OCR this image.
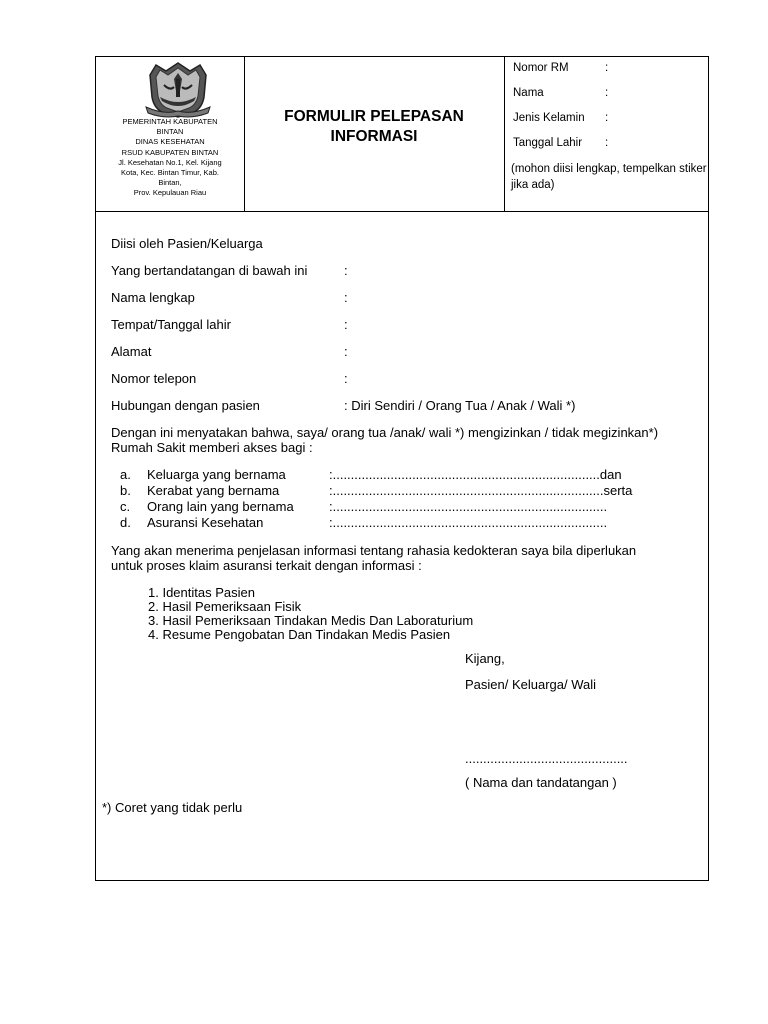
PEMERINTAH KABUPATEN
BINTAN
DINAS KESEHATAN
RSUD KABUPATEN BINTAN
Jl. Kesehatan No.1, Kel. Kijang
Kota, Kec. Bintan Timur, Kab.
Bintan,
Prov. Kepulauan Riau
FORMULIR PELEPASAN
INFORMASI
Nomor RM	:
Nama	:
Jenis Kelamin :
Tanggal Lahir :
(mohon diisi lengkap, tempelkan stiker jika ada)
Diisi oleh Pasien/Keluarga
Yang bertandatangan di bawah ini	:
Nama lengkap	:
Tempat/Tanggal lahir	:
Alamat	:
Nomor telepon	:
Hubungan dengan pasien	: Diri Sendiri / Orang Tua / Anak / Wali *)
Dengan ini menyatakan bahwa, saya/ orang tua /anak/ wali *) mengizinkan / tidak megizinkan*)
Rumah Sakit memberi akses bagi :
a. Keluarga yang bernama	:..........................................................................dan
b. Kerabat yang bernama	:...........................................................................serta
c. Orang lain yang bernama	:............................................................................
d. Asuransi Kesehatan	:............................................................................
Yang akan menerima penjelasan informasi tentang rahasia kedokteran saya bila diperlukan
untuk proses klaim asuransi terkait dengan informasi :
1. Identitas Pasien
2. Hasil Pemeriksaan Fisik
3. Hasil Pemeriksaan Tindakan Medis Dan Laboraturium
4. Resume Pengobatan Dan Tindakan Medis Pasien
Kijang,
Pasien/ Keluarga/ Wali
.............................................
( Nama dan tandatangan )
*) Coret yang tidak perlu
